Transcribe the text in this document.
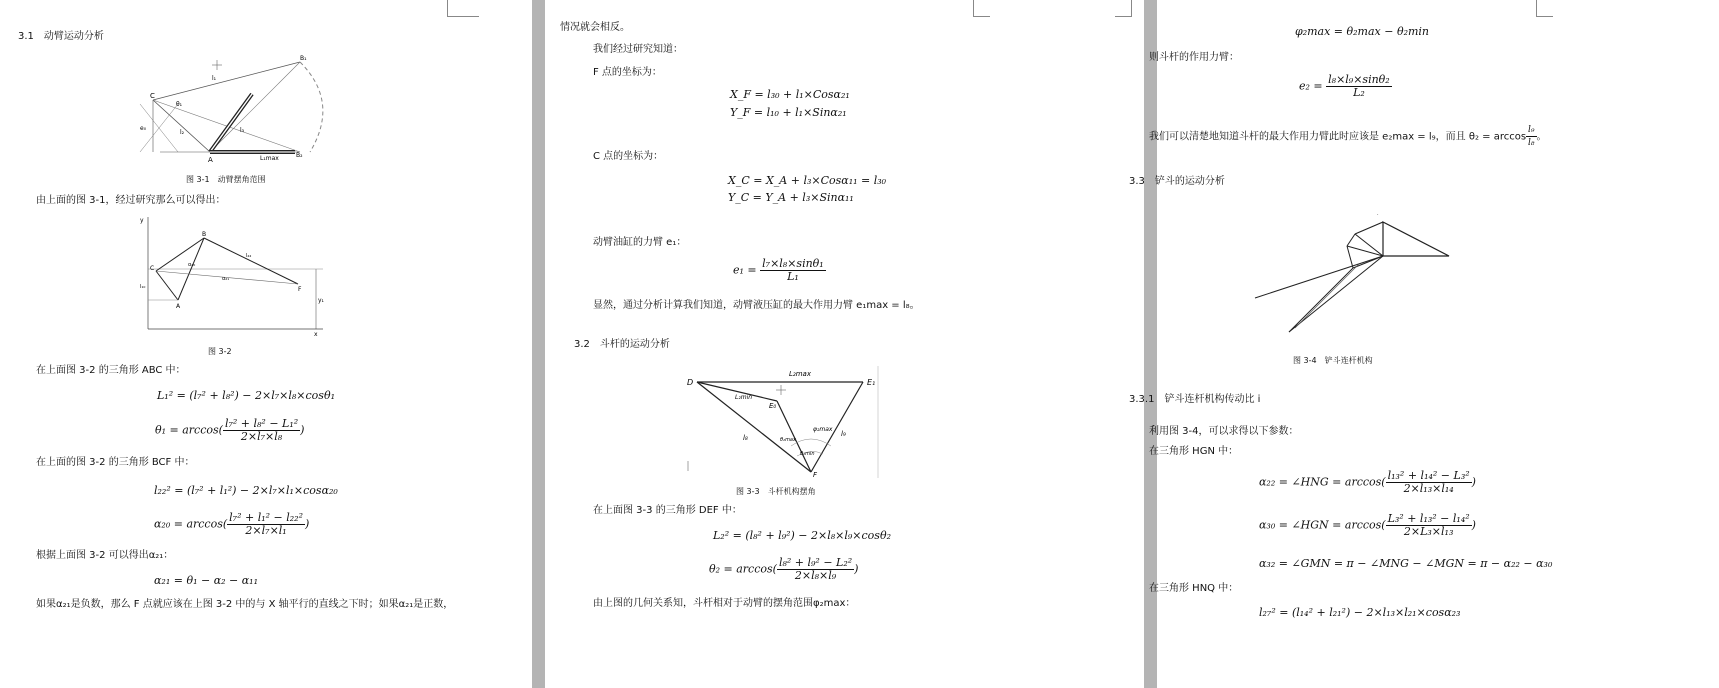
3.1　动臂运动分析
C
A
B₁
B₂
e₀
l₁
l₂	l₃
L₁max
θ₁
图 3-1　动臂摆角范围
由上面的图 3-1，经过研究那么可以得出：
y
x
C
B
F
A
y₁
l₂₂
α₂₀
α₂₁
l₁₀
图 3-2
在上面图 3-2 的三角形 ABC 中：
L₁² = (l₇² + l₈²) − 2×l₇×l₈×cosθ₁
$\theta_1 = \arccos( \frac{\text{l₇² + l₈² − L₁²}}{\text{2×l₇×l₈}}$ )
在上面的图 3-2 的三角形 BCF 中：
l₂₂² = (l₇² + l₁²) − 2×l₇×l₁×cosα₂₀
$\alpha_{20} = \arccos( \frac{\text{l₇² + l₁² − l₂₂²}}{\text{2×l₇×l₁}}$ )
根据上面图 3-2 可以得出α₂₁：
α₂₁ = θ₁ − α₂ − α₁₁
如果α₂₁是负数，那么 F 点就应该在上图 3-2 中的与 X 轴平行的直线之下时；如果α₂₁是正数，
情况就会相反。
我们经过研究知道：
F 点的坐标为：
X_F = l₃₀ + l₁×Cosα₂₁
Y_F = l₁₀ + l₁×Sinα₂₁
C 点的坐标为：
X_C = X_A + l₃×Cosα₁₁ = l₃₀
Y_C = Y_A + l₃×Sinα₁₁
动臂油缸的力臂 e₁：
$e_1 = \frac{\text{l₇×l₈×sinθ₁}}{\text{L₁}}$
显然，通过分析计算我们知道，动臂液压缸的最大作用力臂 e₁max = l₈。
3.2　斗杆的运动分析
D	E₁
E₀
F
L₂max
L₂min
l₈	l₉
φ₂max
θ₂max
θ₂min
图 3-3　斗杆机构摆角
在上面图 3-3 的三角形 DEF 中：
L₂² = (l₈² + l₉²) − 2×l₈×l₉×cosθ₂
$\theta_2 = \arccos( \frac{\text{l₈² + l₉² − L₂²}}{\text{2×l₈×l₉}}$ )
由上图的几何关系知，斗杆相对于动臂的摆角范围φ₂max：
φ₂max = θ₂max − θ₂min
则斗杆的作用力臂：
$e_2 = \frac{\text{l₈×l₉×sinθ₂}}{\text{L₂}}$
我们可以清楚地知道斗杆的最大作用力臂此时应该是 e₂max = l₉，而且 $\theta_2 = \arccos \frac{\text{l₉}}{\text{l₈}}$ 。
3.3　铲斗的运动分析
·
图 3-4　铲斗连杆机构
3.3.1　铲斗连杆机构传动比 i
利用图 3-4，可以求得以下参数：
在三角形 HGN 中：
α₂₂ = ∠HNG = $\arccos( \frac{\text{l₁₃² + l₁₄² − L₃²}}{\text{2×l₁₃×l₁₄}}$ )
α₃₀ = ∠HGN = $\arccos( \frac{\text{L₃² + l₁₃² − l₁₄²}}{\text{2×L₃×l₁₃}}$ )
α₃₂ = ∠GMN = π − ∠MNG − ∠MGN = π − α₂₂ − α₃₀
在三角形 HNQ 中：
l₂₇² = (l₁₄² + l₂₁²) − 2×l₁₃×l₂₁×cosα₂₃
